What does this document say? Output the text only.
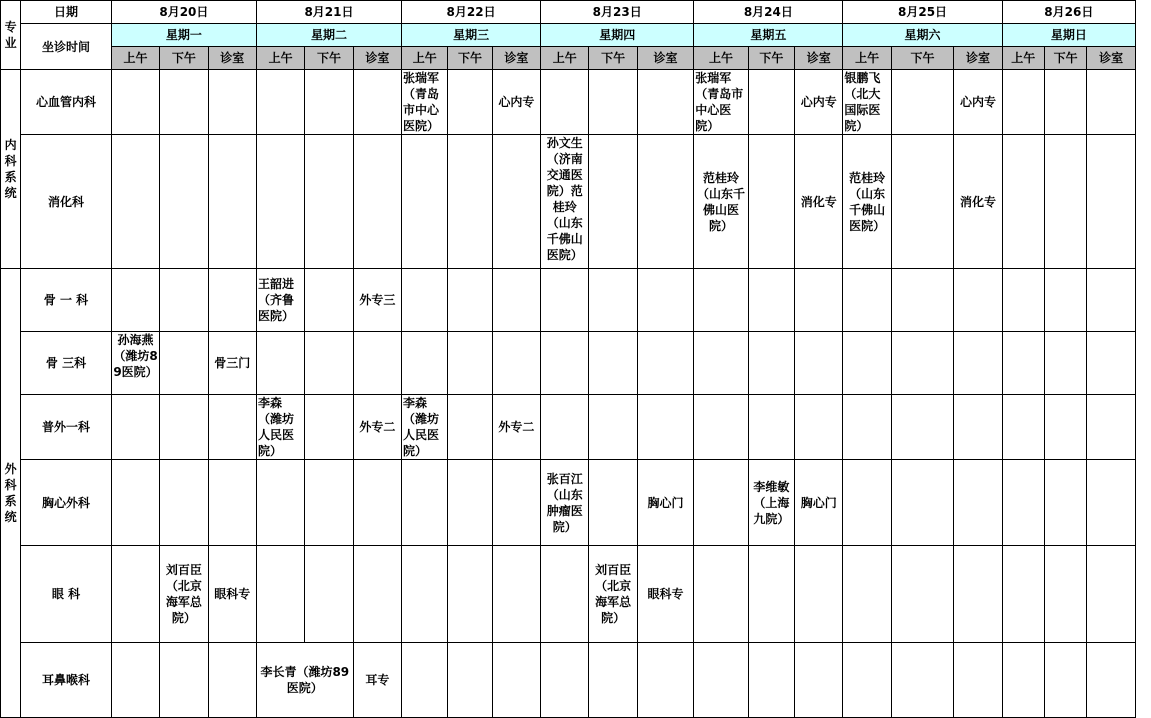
专业	日期	8月20日			8月21日			8月22日			8月23日			8月24日			8月25日			8月26日		
	坐诊时间	星期一			星期二			星期三			星期四			星期五			星期六			星期日		
		上午	下午	诊室	上午	下午	诊室	上午	下午	诊室	上午	下午	诊室	上午	下午	诊室	上午	下午	诊室	上午	下午	诊室
内科系统	心血管内科							张瑞军（青岛市中心医院）		心内专				张瑞军（青岛市中心医院）		心内专	银鹏飞（北大国际医院）		心内专			
	消化科										孙文生（济南交通医院）范桂玲（山东千佛山医院）			范桂玲（山东千佛山医院）		消化专	范桂玲（山东千佛山医院）		消化专			
外科系统	骨 一 科				王韶进（齐鲁医院）		外专三															
	骨 三科	孙海燕（潍坊89医院）		骨三门																		
	普外一科				李森（潍坊人民医院）		外专二	李森（潍坊人民医院）		外专二												
	胸心外科										张百江（山东肿瘤医院）		胸心门		李维敏（上海九院）	胸心门						
	眼 科		刘百臣（北京海军总院）	眼科专								刘百臣（北京海军总院）	眼科专									
	耳鼻喉科				李长青（潍坊89医院）		耳专															
